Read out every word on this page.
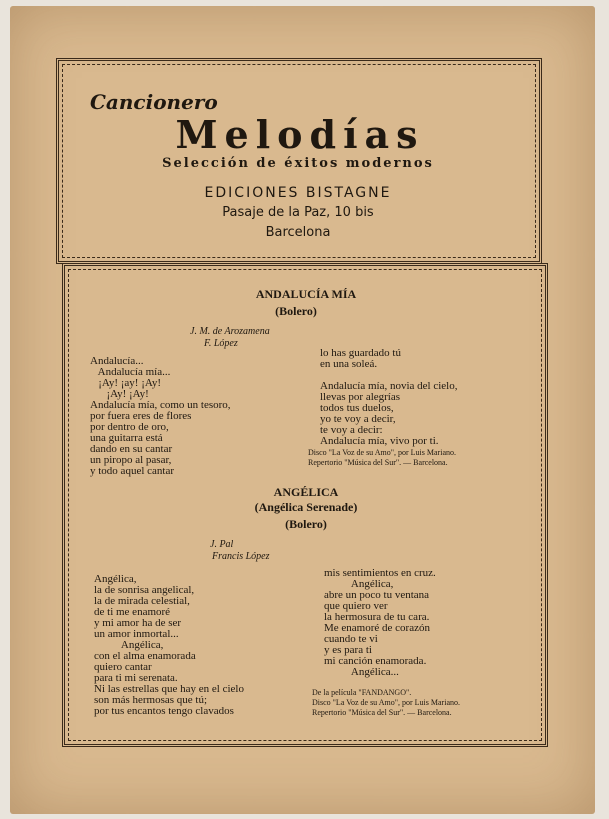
Cancionero
Melodías
Selección de éxitos modernos
EDICIONES BISTAGNE
Pasaje de la Paz, 10 bis
Barcelona
ANDALUCÍA MÍA
(Bolero)
J. M. de Arozamena
F. López
Andalucía...
Andalucía mía...
¡Ay! ¡ay! ¡Ay!
¡Ay! ¡Ay!
Andalucía mía, como un tesoro,
por fuera eres de flores
por dentro de oro,
una guitarra está
dando en su cantar
un piropo al pasar,
y todo aquel cantar
lo has guardado tú
en una soleá.

Andalucía mía, novia del cielo,
llevas por alegrías
todos tus duelos,
yo te voy a decir,
te voy a decir:
Andalucía mía, vivo por ti.
Disco "La Voz de su Amo", por Luis Mariano.
Repertorio "Música del Sur". — Barcelona.
ANGÉLICA
(Angélica Serenade)
(Bolero)
J. Pal
Francis López
Angélica,
la de sonrisa angelical,
la de mirada celestial,
de ti me enamoré
y mi amor ha de ser
un amor inmortal...
Angélica,
con el alma enamorada
quiero cantar
para ti mi serenata.
Ni las estrellas que hay en el cielo
son más hermosas que tú;
por tus encantos tengo clavados
mis sentimientos en cruz.
Angélica,
abre un poco tu ventana
que quiero ver
la hermosura de tu cara.
Me enamoré de corazón
cuando te vi
y es para ti
mi canción enamorada.
Angélica...
De la película "FANDANGO".
Disco "La Voz de su Amo", por Luis Mariano.
Repertorio "Música del Sur". — Barcelona.
